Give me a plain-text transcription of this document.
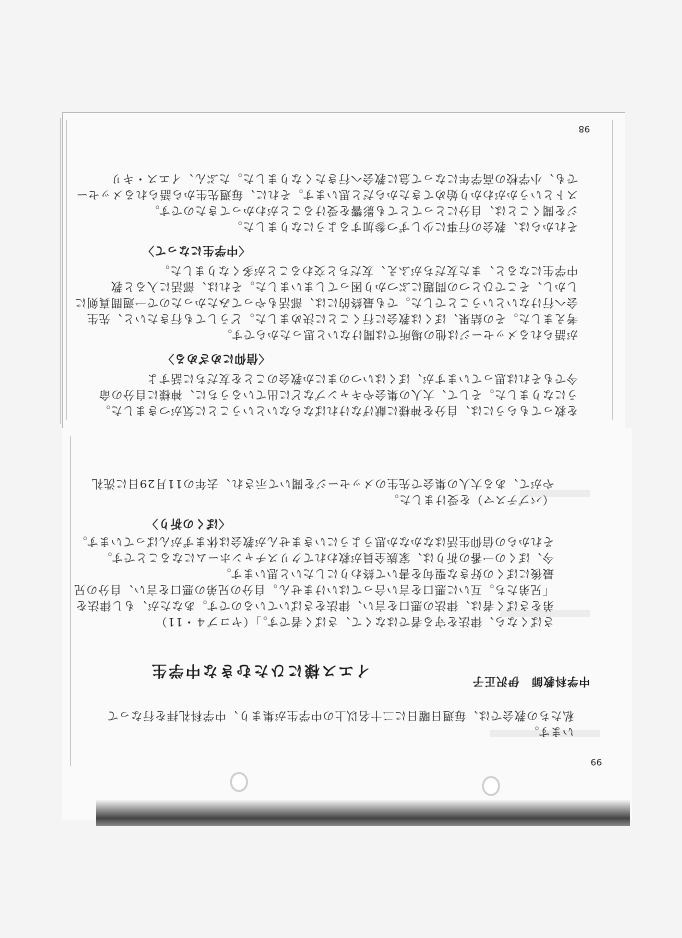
を救ってもらうには、自分を神様に献げなければならないということに気がつきました。
うになりました。そして、大人の集会やキャンプなどに出ているうちに、神様に自分の命
今でもそれは思っていますが、ぼくはいつのまにか教会のことを友だちに話すよ
〈信仰にめざめる〉
が語られるメッセージは他の場所では聞けないと思ったからです。
考えました。その結果、ぼくは教会に行くことに決めました。どうしても行きたいと、先生
会へ行けないということでした。でも最終的には、部活もやってみたかったので一週間真剣に
しかし、そこでひとつの問題にぶつかり困ってしまいました。それは、部活に入ると教
中学生になると、また友だちがふえ、友だちと交わることが多くなりました。
〈中学生になって〉
それからは、教会の行事に少しずつ参加するようになりました。
ジを聞くことは、自分にとってとても影響を受けることがわかってきたのです。
ストというかがわかり始めてきたからだと思います。それに、毎週先生から語られるメッセー
でも、小学校の高学年になって急に教会へ行きたくなりました。たぶん、イエス・キリ
98
います。
私たちの教会では、毎週日曜日に二十名以上の中学生が集まり、中学科礼拝を行なって
中学科教師　伊沢正子
イエス様にひたむきな中学生
さばくなら、律法を守る者ではなくて、さばく者です。」（ヤコブ４・11）
弟をさばく者は、律法の悪口を言い、律法をさばいているのです。あなたが、もし律法を
「兄弟たち。互いに悪口を言い合ってはいけません。自分の兄弟の悪口を言い、自分の兄
最後にぼくの好きな聖句を書いて終わりにしたいと思います。
今、ぼくの一番の祈りは、家族全員が救われてクリスチャンホームになることです。
それからの信仰生活はなかなか思うようにいきませんが教会は休まずがんばっています。
〈ぼくの祈り〉
（バプテスマ）を受けました。
やがて、ある大人の集会で先生のメッセージを聞いて示され、去年の11月29日に洗礼
99
